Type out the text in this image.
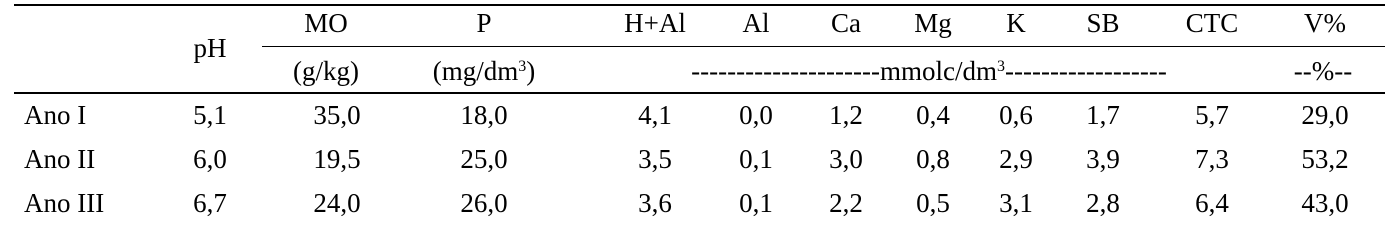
pH
MO	P	H+Al Al Ca Mg K SB CTC V%
(g/kg)	$(mg/dm^3)$	$---------------------mmolc/dm^3------------------$	--%--
Ano I	5,1	35,0	18,0	4,1 0,0 1,2 0,4 0,6 1,7	5,7	29,0
Ano II	6,0	19,5	25,0	3,5 0,1 3,0 0,8 2,9 3,9	7,3	53,2
Ano III	6,7	24,0	26,0	3,6 0,1 2,2 0,5 3,1 2,8	6,4	43,0
